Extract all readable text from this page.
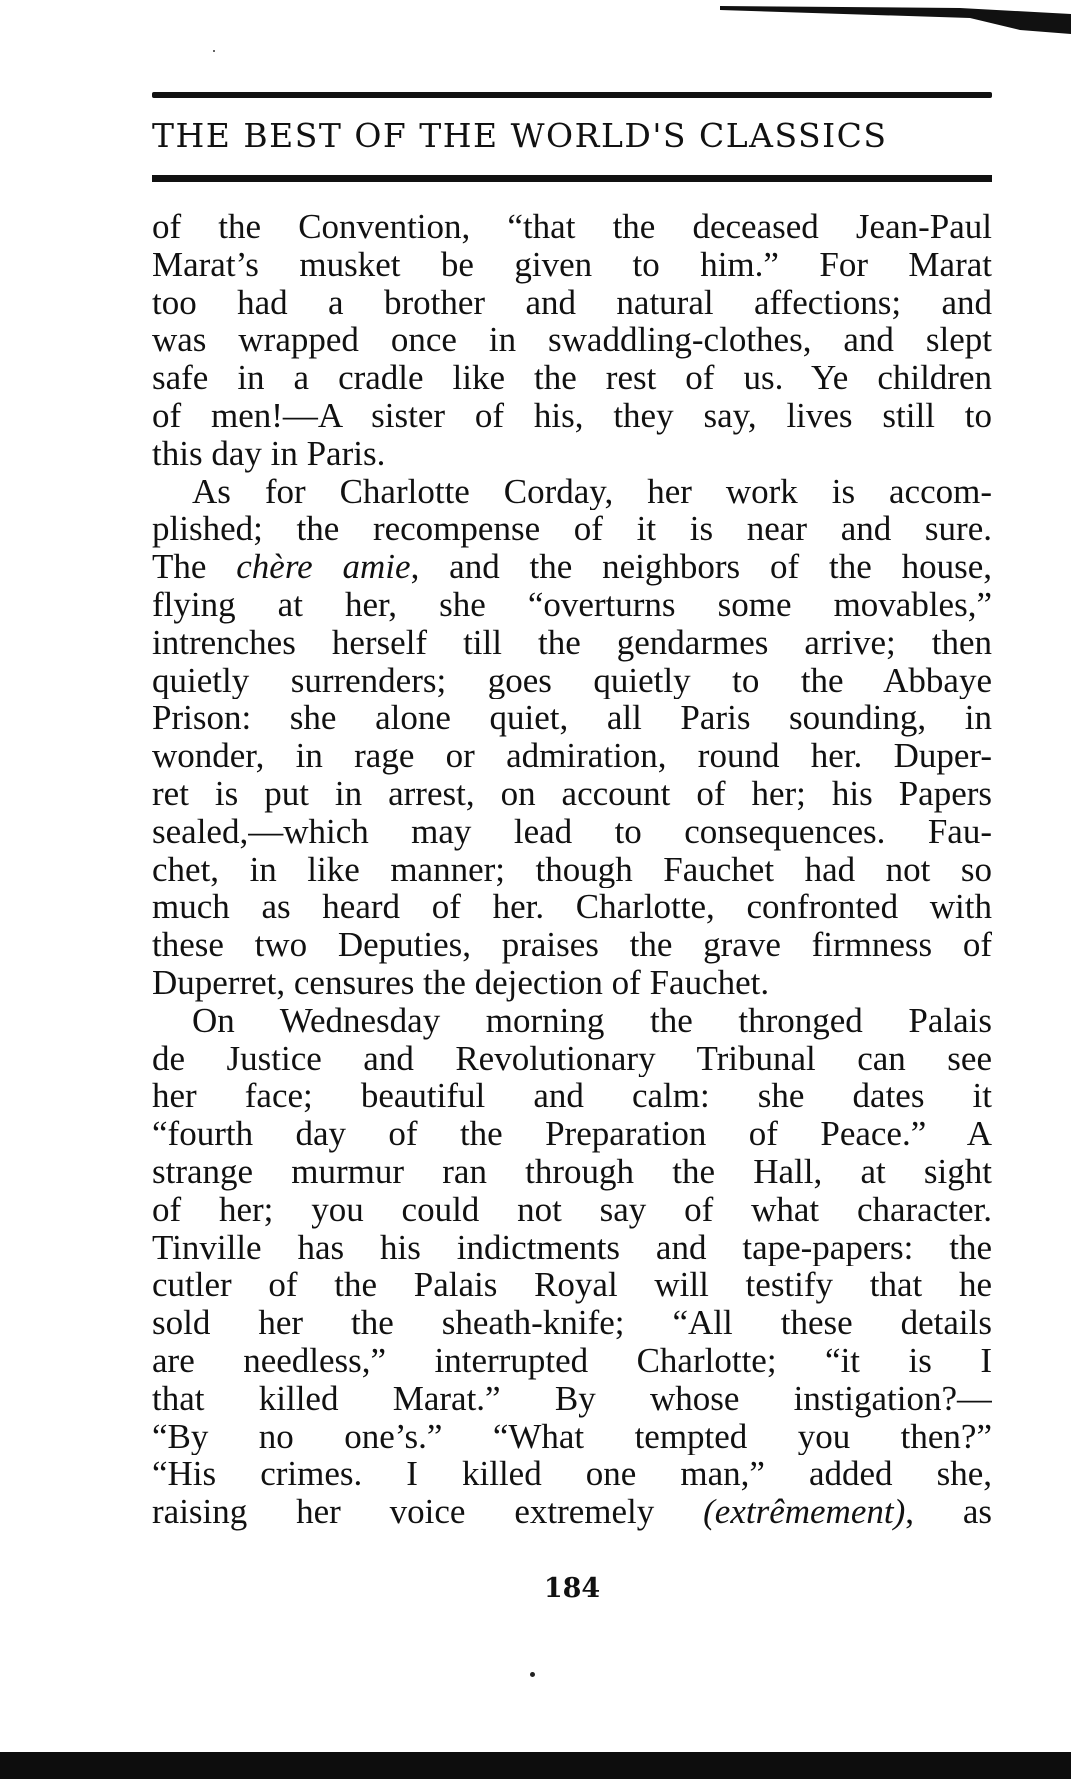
THE BEST OF THE WORLD'S CLASSICS
of the Convention, “that the deceased Jean-Paul
Marat’s musket be given to him.” For Marat
too had a brother and natural affections; and
was wrapped once in swaddling-clothes, and slept
safe in a cradle like the rest of us. Ye children
of men!—A sister of his, they say, lives still to
this day in Paris.
As for Charlotte Corday, her work is accom-
plished; the recompense of it is near and sure.
The chère amie, and the neighbors of the house,
flying at her, she “overturns some movables,”
intrenches herself till the gendarmes arrive; then
quietly surrenders; goes quietly to the Abbaye
Prison: she alone quiet, all Paris sounding, in
wonder, in rage or admiration, round her. Duper-
ret is put in arrest, on account of her; his Papers
sealed,—which may lead to consequences. Fau-
chet, in like manner; though Fauchet had not so
much as heard of her. Charlotte, confronted with
these two Deputies, praises the grave firmness of
Duperret, censures the dejection of Fauchet.
On Wednesday morning the thronged Palais
de Justice and Revolutionary Tribunal can see
her face; beautiful and calm: she dates it
“fourth day of the Preparation of Peace.” A
strange murmur ran through the Hall, at sight
of her; you could not say of what character.
Tinville has his indictments and tape-papers: the
cutler of the Palais Royal will testify that he
sold her the sheath-knife; “All these details
are needless,” interrupted Charlotte; “it is I
that killed Marat.” By whose instigation?—
“By no one’s.” “What tempted you then?”
“His crimes. I killed one man,” added she,
raising her voice extremely (extrêmement), as
184
